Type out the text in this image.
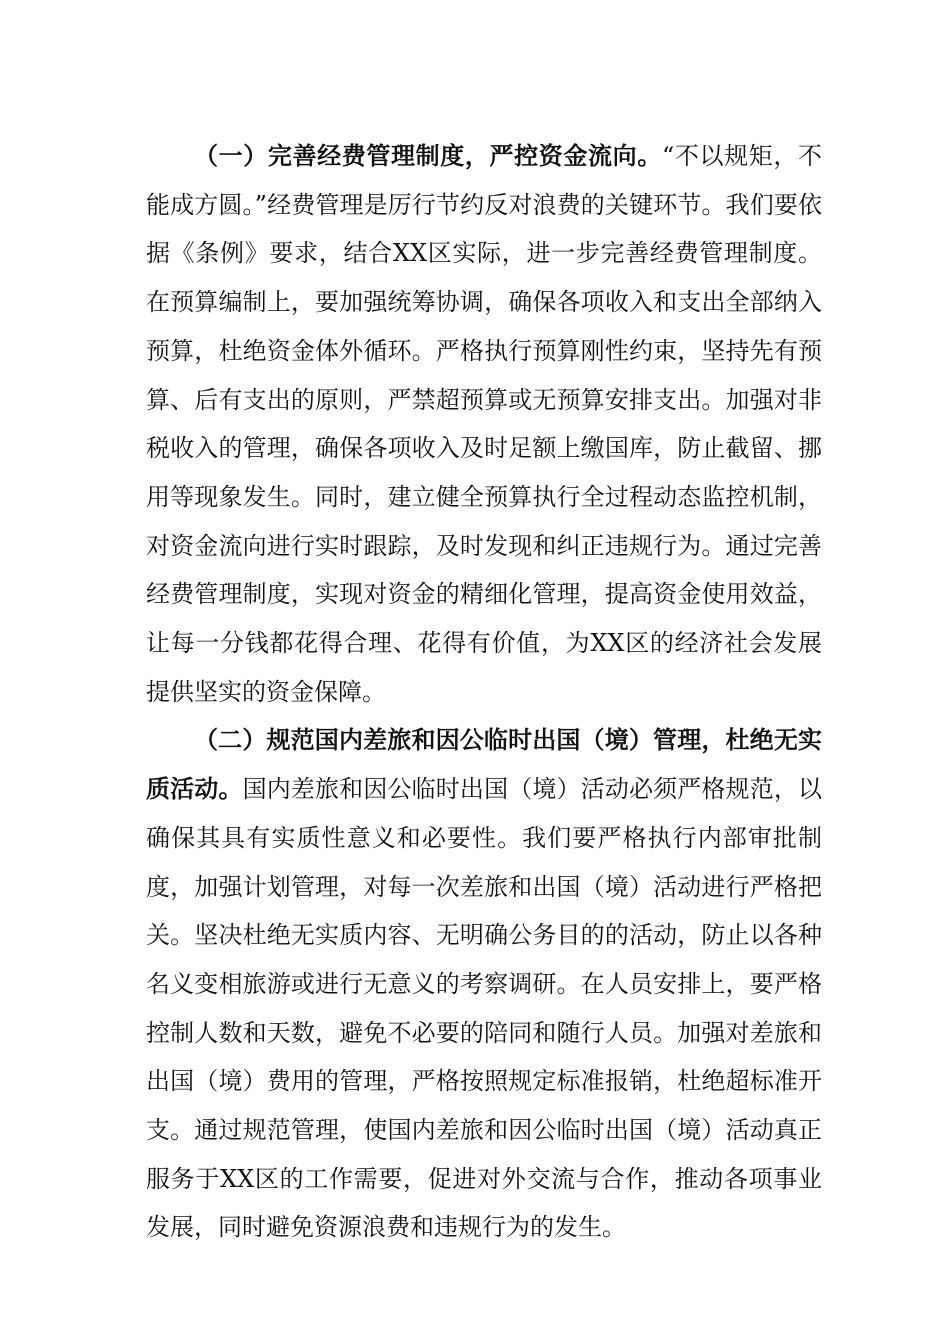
（一）完善经费管理制度，严控资金流向。“不以规矩，不能成方圆。”经费管理是厉行节约反对浪费的关键环节。我们要依据《条例》要求，结合XX区实际，进一步完善经费管理制度。在预算编制上，要加强统筹协调，确保各项收入和支出全部纳入预算，杜绝资金体外循环。严格执行预算刚性约束，坚持先有预算、后有支出的原则，严禁超预算或无预算安排支出。加强对非税收入的管理，确保各项收入及时足额上缴国库，防止截留、挪用等现象发生。同时，建立健全预算执行全过程动态监控机制，对资金流向进行实时跟踪，及时发现和纠正违规行为。通过完善经费管理制度，实现对资金的精细化管理，提高资金使用效益，让每一分钱都花得合理、花得有价值，为XX区的经济社会发展提供坚实的资金保障。

（二）规范国内差旅和因公临时出国（境）管理，杜绝无实质活动。国内差旅和因公临时出国（境）活动必须严格规范，以确保其具有实质性意义和必要性。我们要严格执行内部审批制度，加强计划管理，对每一次差旅和出国（境）活动进行严格把关。坚决杜绝无实质内容、无明确公务目的的活动，防止以各种名义变相旅游或进行无意义的考察调研。在人员安排上，要严格控制人数和天数，避免不必要的陪同和随行人员。加强对差旅和出国（境）费用的管理，严格按照规定标准报销，杜绝超标准开支。通过规范管理，使国内差旅和因公临时出国（境）活动真正服务于XX区的工作需要，促进对外交流与合作，推动各项事业发展，同时避免资源浪费和违规行为的发生。
